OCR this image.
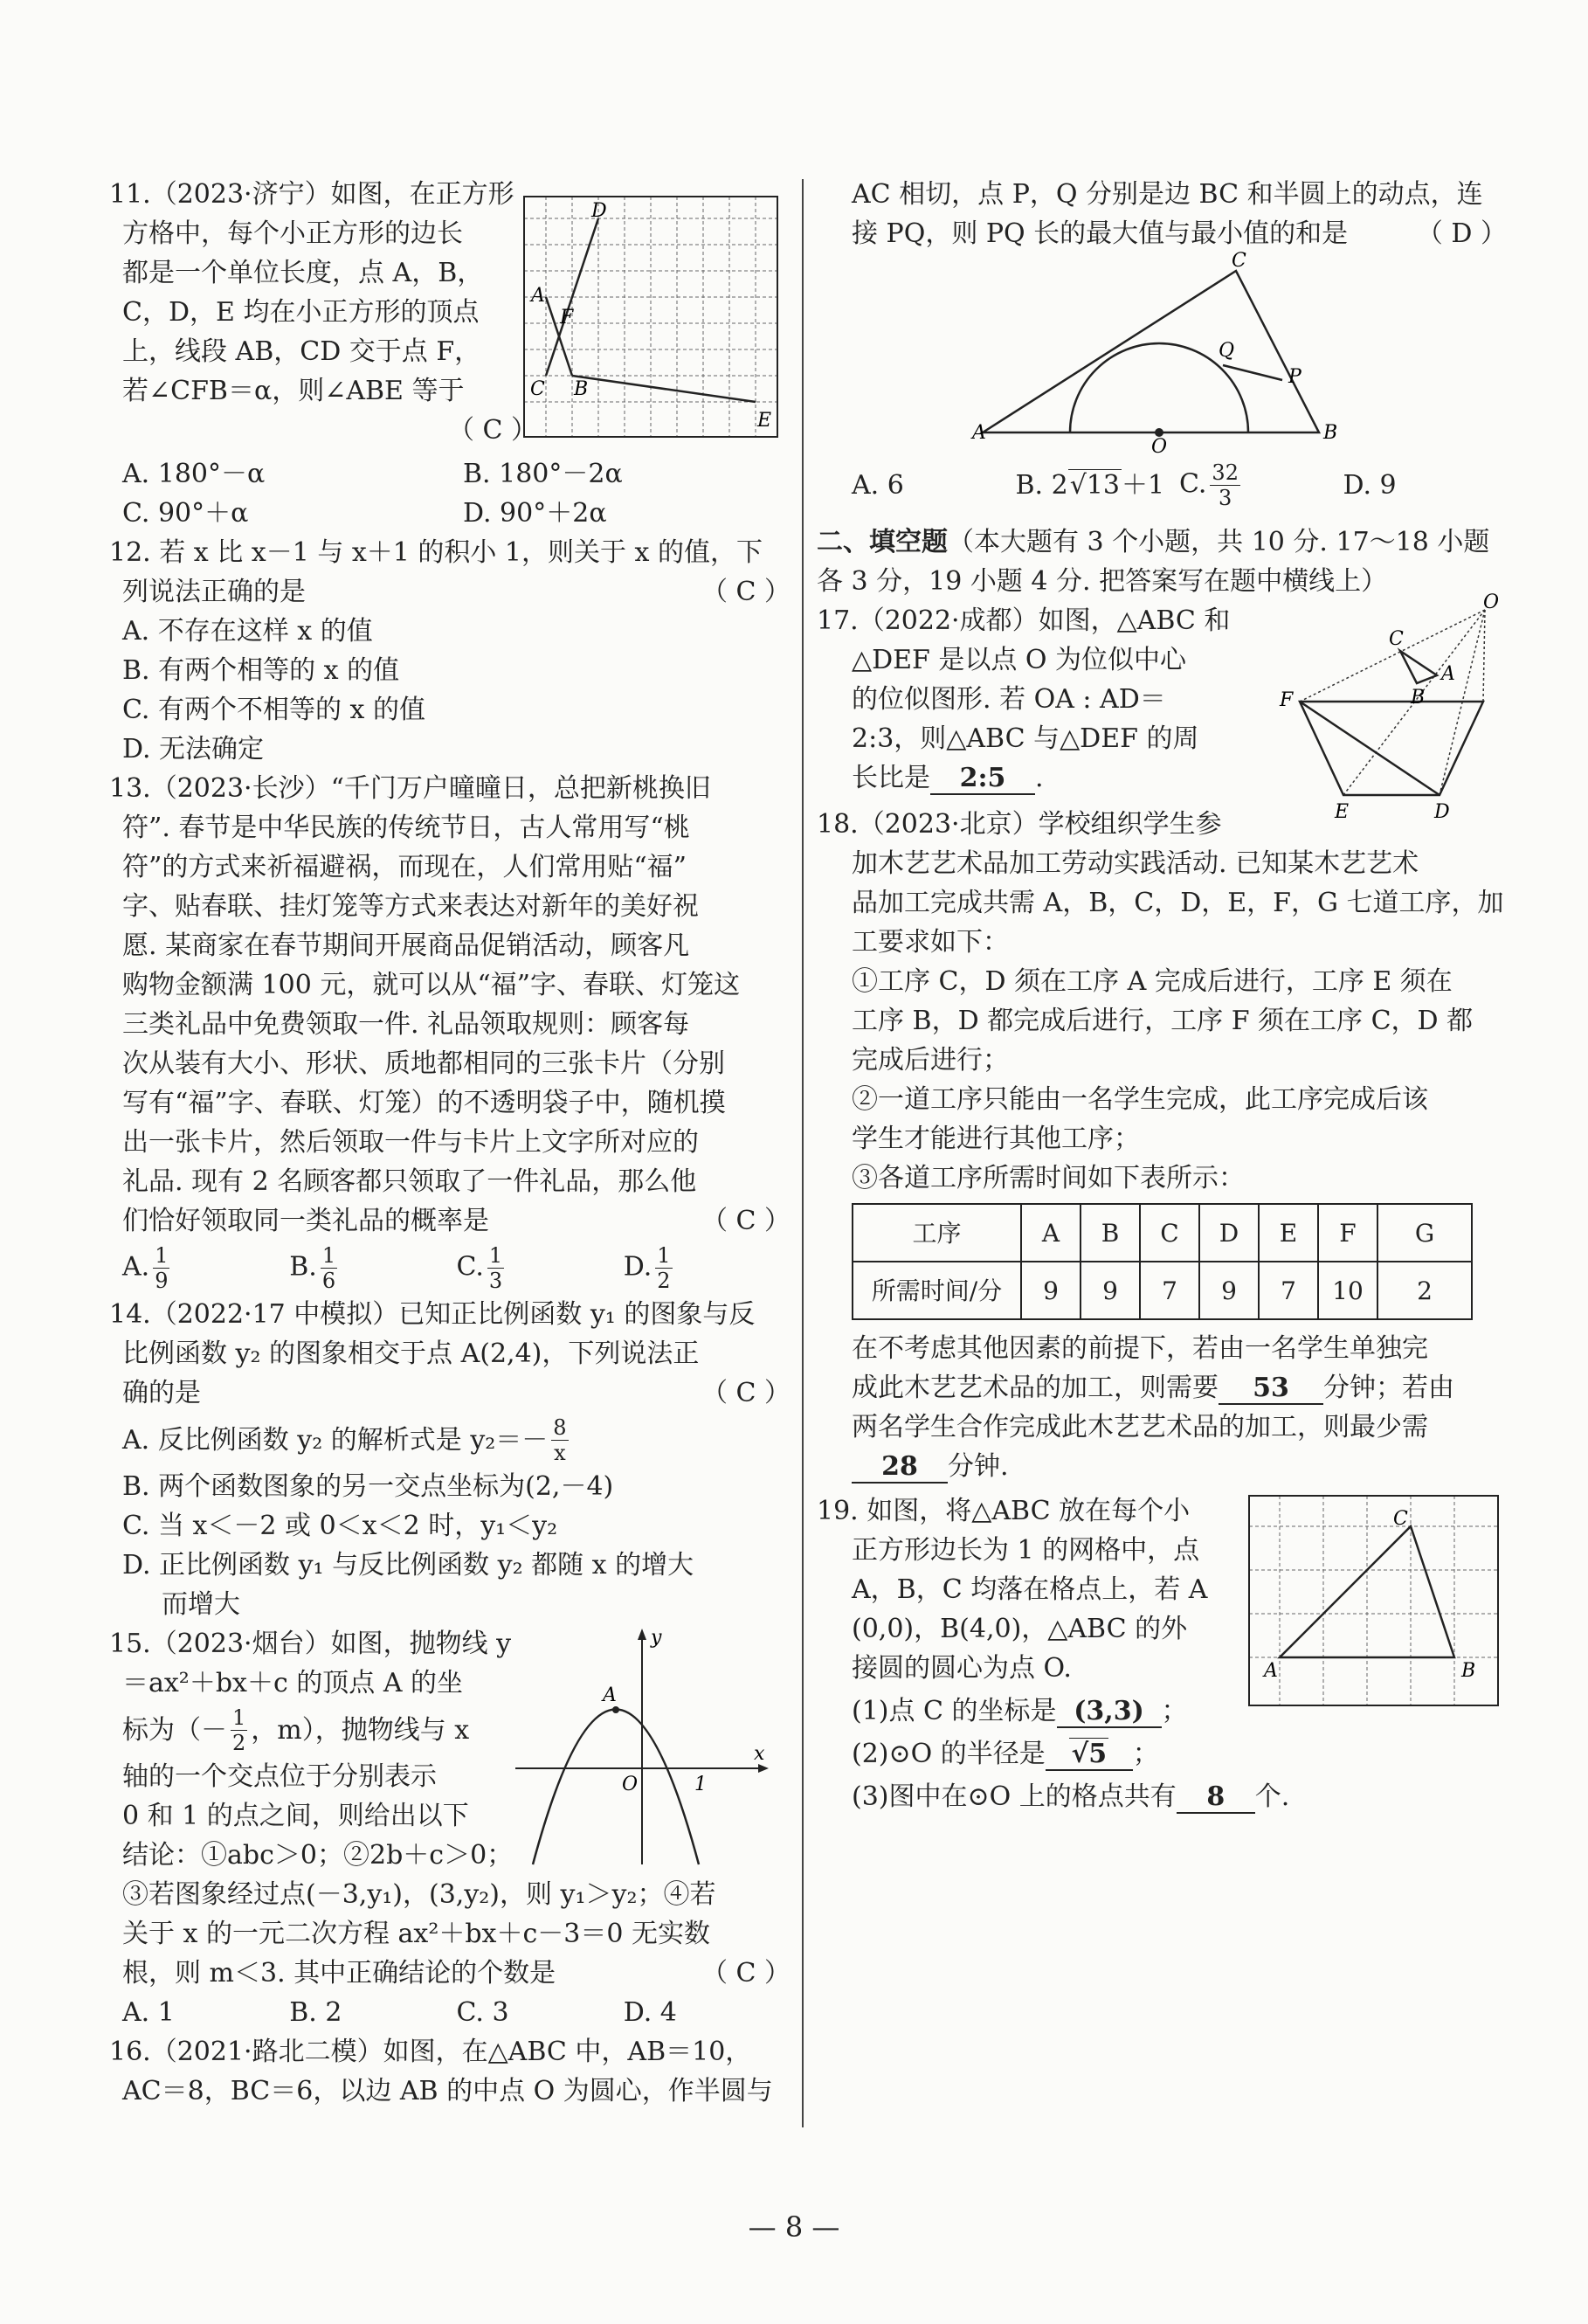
11.（2023·济宁）如图，在正方形
方格中，每个小正方形的边长
都是一个单位长度，点 A，B，
C，D，E 均在小正方形的顶点
上，线段 AB，CD 交于点 F，
若∠CFB＝α，则∠ABE 等于
（ C ）
D
A
F
C B
E
A. 180°－α	B. 180°－2α
C. 90°＋α	D. 90°＋2α
12. 若 x 比 x－1 与 x＋1 的积小 1，则关于 x 的值，下
列说法正确的是	（ C ）
A. 不存在这样 x 的值
B. 有两个相等的 x 的值
C. 有两个不相等的 x 的值
D. 无法确定
13.（2023·长沙）“千门万户曈曈日，总把新桃换旧
符”. 春节是中华民族的传统节日，古人常用写“桃
符”的方式来祈福避祸，而现在，人们常用贴“福”
字、贴春联、挂灯笼等方式来表达对新年的美好祝
愿. 某商家在春节期间开展商品促销活动，顾客凡
购物金额满 100 元，就可以从“福”字、春联、灯笼这
三类礼品中免费领取一件. 礼品领取规则：顾客每
次从装有大小、形状、质地都相同的三张卡片（分别
写有“福”字、春联、灯笼）的不透明袋子中，随机摸
出一张卡片，然后领取一件与卡片上文字所对应的
礼品. 现有 2 名顾客都只领取了一件礼品，那么他
们恰好领取同一类礼品的概率是	（ C ）
A. $\frac{1}{9}$	B. $\frac{1}{6}$	C. $\frac{1}{3}$	D. $\frac{1}{2}$
14.（2022·17 中模拟）已知正比例函数 y₁ 的图象与反
比例函数 y₂ 的图象相交于点 A(2,4)，下列说法正
确的是	（ C ）
A. 反比例函数 y₂ 的解析式是 $y_2=- \frac{8}{x}$
B. 两个函数图象的另一交点坐标为(2,－4)
C. 当 x＜－2 或 0＜x＜2 时，y₁＜y₂
D. 正比例函数 y₁ 与反比例函数 y₂ 都随 x 的增大
而增大
15.（2023·烟台）如图，抛物线 y
＝ax²＋bx＋c 的顶点 A 的坐
标为（－ $\frac{1}{2}$ ，m），抛物线与 x
轴的一个交点位于分别表示
0 和 1 的点之间，则给出以下
结论：①abc＞0；②2b＋c＞0；
③若图象经过点(－3,y₁)，(3,y₂)，则 y₁＞y₂；④若
关于 x 的一元二次方程 ax²＋bx＋c－3＝0 无实数
根，则 m＜3. 其中正确结论的个数是	（ C ）
A. 1	B. 2	C. 3	D. 4
y
A
x
O	1
16.（2021·路北二模）如图，在△ABC 中，AB＝10，
AC＝8，BC＝6，以边 AB 的中点 O 为圆心，作半圆与
AC 相切，点 P，Q 分别是边 BC 和半圆上的动点，连
接 PQ，则 PQ 长的最大值与最小值的和是	（ D ）
C
Q
P
A
O
B
A. 6	B. 2√13＋1 C. $\frac{32}{3}$	D. 9
二、填空题（本大题有 3 个小题，共 10 分. 17～18 小题
各 3 分，19 小题 4 分. 把答案写在题中横线上）
17.（2022·成都）如图，△ABC 和
△DEF 是以点 O 为位似中心
的位似图形. 若 OA : AD＝
2:3，则△ABC 与△DEF 的周
长比是 2:5 .
O
C
A
B
F
E	D
18.（2023·北京）学校组织学生参
加木艺艺术品加工劳动实践活动. 已知某木艺艺术
品加工完成共需 A，B，C，D，E，F，G 七道工序，加
工要求如下：
①工序 C，D 须在工序 A 完成后进行，工序 E 须在
工序 B，D 都完成后进行，工序 F 须在工序 C，D 都
完成后进行；
②一道工序只能由一名学生完成，此工序完成后该
学生才能进行其他工序；
③各道工序所需时间如下表所示：
工序	A	B	C	D	E	F	G
所需时间/分	9	9	7	9	7	10	2
在不考虑其他因素的前提下，若由一名学生单独完
成此木艺艺术品的加工，则需要 53 分钟；若由
两名学生合作完成此木艺艺术品的加工，则最少需
28 分钟.
19. 如图，将△ABC 放在每个小
正方形边长为 1 的网格中，点
A，B，C 均落在格点上，若 A
(0,0)，B(4,0)，△ABC 的外
接圆的圆心为点 O.
(1)点 C 的坐标是 (3,3) ；
(2)⊙O 的半径是 √5 ；
(3)图中在⊙O 上的格点共有 8 个.
C
A	B
— 8 —
